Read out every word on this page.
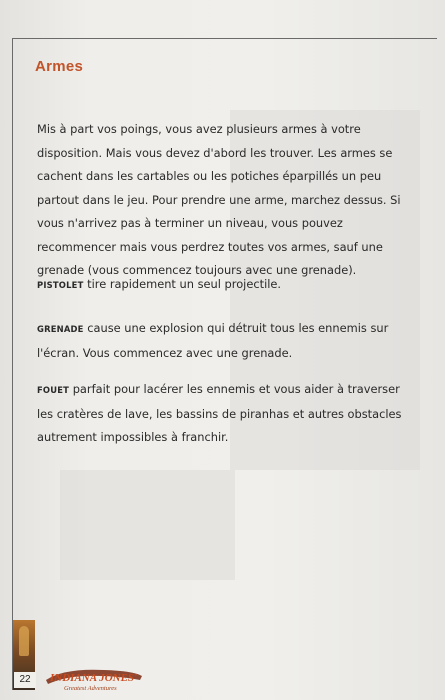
Armes

Mis à part vos poings, vous avez plusieurs armes à votre disposition. Mais vous devez d'abord les trouver. Les armes se cachent dans les cartables ou les potiches éparpillés un peu partout dans le jeu. Pour prendre une arme, marchez dessus. Si vous n'arrivez pas à terminer un niveau, vous pouvez recommencer mais vous perdrez toutes vos armes, sauf une grenade (vous commencez toujours avec une grenade).

PISTOLET tire rapidement un seul projectile.

GRENADE cause une explosion qui détruit tous les ennemis sur l'écran. Vous commencez avec une grenade.

FOUET parfait pour lacérer les ennemis et vous aider à traverser les cratères de lave, les bassins de piranhas et autres obstacles autrement impossibles à franchir.

22	INDIANA JONES'
Greatest Adventures
